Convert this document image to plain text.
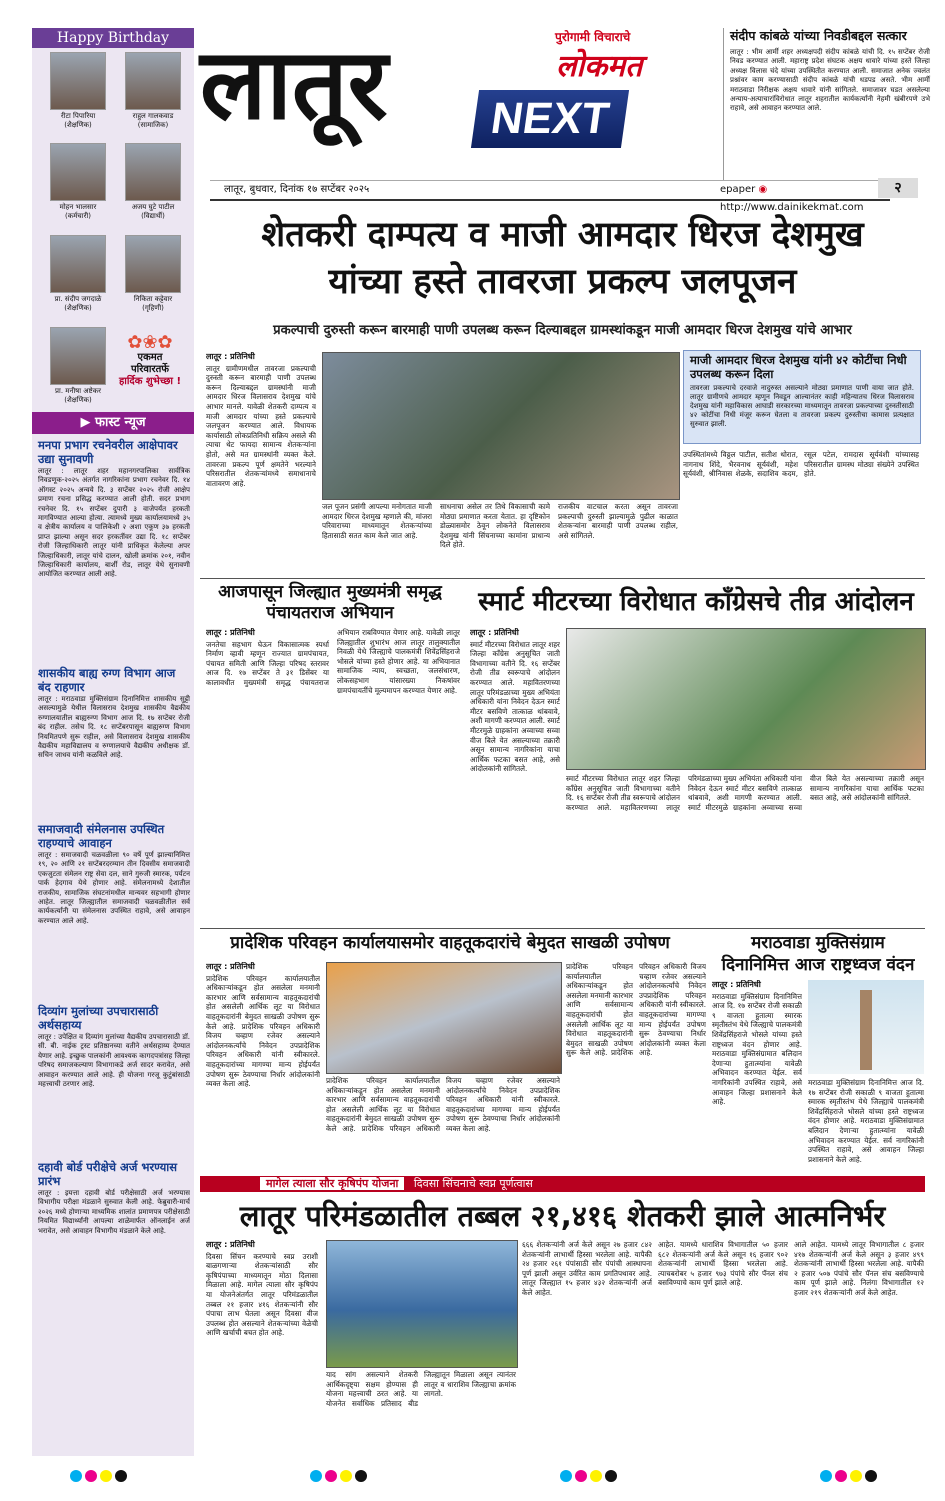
Happy Birthday
रीटा पिपारिया
(शैक्षणिक)
राहुल गालकवाड
(सामाजिक)
मोहन भालसार
(कर्मचारी)
अजय घुटे पाटील
(विद्यार्थी)
प्रा. संदीप जगदाळे
(शैक्षणिक)
निकिता कट्टेवार
(गृहिणी)
प्रा. मनीषा अष्टेकर
(शैक्षणिक)
✿❀✿
एकमत
परिवारतर्फे
हार्दिक शुभेच्छा !
▶ फास्ट न्यूज
मनपा प्रभाग रचनेवरील आक्षेपावर उद्या सुनावणी

लातूर : लातूर शहर महानगरपालिका सार्वत्रिक निवडणूक-२०२५ अंतर्गत नागरिकांना प्रभाग रचनेवर दि. १४ ऑगस्ट २०२५ अन्वये दि. ३ सप्टेंबर २०२५ रोजी आक्षेप प्रमाण रचना प्रसिद्ध करण्यात आली होती. सदर प्रभाग रचनेवर दि. १५ सप्टेंबर दुपारी ३ वाजेपर्यंत हरकती मागविण्यात आल्या होत्या. त्यामध्ये मुख्य कार्यालयामध्ये ३५ व क्षेत्रीय कार्यालय व पालिकेशी २ अशा एकूण ३७ हरकती प्राप्त झाल्या असून सदर हरकतींवर उद्या दि. १८ सप्टेंबर रोजी जिल्हाधिकारी लातूर यांनी प्राधिकृत केलेल्या अपर जिल्हाधिकारी, लातूर यांचे दालन, खोली क्रमांक २०१, नवीन जिल्हाधिकारी कार्यालय, बार्शी रोड, लातूर येथे सुनावणी आयोजित करण्यात आली आहे.

शासकीय बाह्य रुग्ण विभाग आज बंद राहणार

लातूर : मराठवाडा मुक्तिसंग्राम दिनानिमित्त शासकीय सुट्टी असल्यामुळे येथील विलासराव देशमुख शासकीय वैद्यकीय रुग्णालयातील बाह्यरुग्ण विभाग आज दि. १७ सप्टेंबर रोजी बंद राहील. तसेच दि. १८ सप्टेंबरपासून बाह्यरुग्ण विभाग नियमितपणे सुरू राहील, असे विलासराव देशमुख शासकीय वैद्यकीय महाविद्यालय व रुग्णालयाचे वैद्यकीय अधीक्षक डॉ. सचिन जाधव यांनी कळविले आहे.

समाजवादी संमेलनास उपस्थित राहण्याचे आवाहन

लातूर : समाजवादी चळवळीला ९० वर्षे पूर्ण झाल्यानिमित्त १९, २० आणि २१ सप्टेंबरदरम्यान तीन दिवसीय समाजवादी एकजुटता संमेलन राष्ट्र सेवा दल, साने गुरुजी स्मारक, पर्यटन पार्क हेदगाव येथे होणार आहे. संमेलनामध्ये देशातील राजकीय, सामाजिक संघटनांमधील मान्यवर सहभागी होणार आहेत. लातूर जिल्ह्यातील समाजवादी चळवळीतील सर्व कार्यकर्त्यांनी या संमेलनास उपस्थित राहावे, असे आवाहन करण्यात आले आहे.

दिव्यांग मुलांच्या उपचारासाठी अर्थसहाय्य

लातूर : उपेक्षित व दिव्यांग मुलांच्या वैद्यकीय उपचारासाठी डॉ. सी. बी. नाईक ट्रस्ट प्रतिष्ठानच्या वतीने अर्थसहाय्य देण्यात येणार आहे. इच्छुक पालकांनी आवश्यक कागदपत्रांसह जिल्हा परिषद समाजकल्याण विभागाकडे अर्ज सादर करावेत, असे आवाहन करण्यात आले आहे. ही योजना गरजू कुटुंबांसाठी महत्त्वाची ठरणार आहे.

दहावी बोर्ड परीक्षेचे अर्ज भरण्यास प्रारंभ

लातूर : इयत्ता दहावी बोर्ड परीक्षेसाठी अर्ज भरण्यास विभागीय परीक्षा मंडळाने सुरुवात केली आहे. फेब्रुवारी-मार्च २०२६ मध्ये होणाऱ्या माध्यमिक शालांत प्रमाणपत्र परीक्षेसाठी नियमित विद्यार्थ्यांनी आपल्या शाळेमार्फत ऑनलाईन अर्ज भरावेत, असे आवाहन विभागीय मंडळाने केले आहे.

लातूर	पुरोगामी विचाराचे
लोकमत
NEXT
संदीप कांबळे यांच्या निवडीबद्दल सत्कार

लातूर : भीम आर्मी शहर अध्यक्षपदी संदीप कांबळे यांची दि. १५ सप्टेंबर रोजी निवड करण्यात आली. महाराष्ट्र प्रदेश संघटक अक्षय धावारे यांच्या हस्ते जिल्हा अध्यक्ष विलास चंदे यांच्या उपस्थितीत करण्यात आली. समाजात अनेक ज्वलंत प्रश्नांवर काम करण्यासाठी संदीप कांबळे यांची धडपड असते. भीम आर्मी मराठवाडा निरीक्षक अक्षय धावारे यांनी सांगितले. समाजावर घडत असलेल्या अन्याय-अत्याचारांविरोधात लातूर शहरातील कार्यकर्त्यांनी नेहमी खंबीरपणे उभे राहावे, असे आवाहन करण्यात आले.

लातूर, बुधवार, दिनांक १७ सप्टेंबर २०२५	epaper ◉ http://www.dainikekmat.com
२
शेतकरी दाम्पत्य व माजी आमदार धिरज देशमुख
यांच्या हस्ते तावरजा प्रकल्प जलपूजन
प्रकल्पाची दुरुस्ती करून बारमाही पाणी उपलब्ध करून दिल्याबद्दल ग्रामस्थांकडून माजी आमदार धिरज देशमुख यांचे आभार
लातूर : प्रतिनिधी
लातूर ग्रामीणमधील तावरजा प्रकल्पाची दुरुस्ती करून बारमाही पाणी उपलब्ध करून दिल्याबद्दल ग्रामस्थांनी माजी आमदार धिरज विलासराव देशमुख यांचे आभार मानले. यावेळी शेतकरी दाम्पत्य व माजी आमदार यांच्या हस्ते प्रकल्पाचे जलपूजन करण्यात आले. विधायक कार्यासाठी लोकप्रतिनिधी सक्रिय असले की त्याचा थेट फायदा सामान्य शेतकऱ्यांना होतो, असे मत ग्रामस्थांनी व्यक्त केले. तावरजा प्रकल्प पूर्ण क्षमतेने भरल्याने परिसरातील शेतकऱ्यांमध्ये समाधानाचे वातावरण आहे.
जल पूजन प्रसंगी आपल्या मनोगतात माजी आमदार धिरज देशमुख म्हणाले की, मांजरा परिवाराच्या माध्यमातून शेतकऱ्यांच्या हितासाठी सतत काम केले जात आहे.
साधनाचा असेल तर तिथे विकासाची कामे मोठ्या प्रमाणात करता येतात. हा दृष्टिकोन डोळ्यासमोर ठेवून लोकनेते विलासराव देशमुख यांनी सिंचनाच्या कामांना प्राधान्य दिले होते.
राजकीय वाटचाल करता असून तावरजा प्रकल्पाची दुरुस्ती झाल्यामुळे पुढील काळात शेतकऱ्यांना बारमाही पाणी उपलब्ध राहील, असे सांगितले.
माजी आमदार धिरज देशमुख यांनी ४२ कोटींचा निधी उपलब्ध करून दिला

तावरजा प्रकल्पाचे दरवाजे नादुरुस्त असल्याने मोठ्या प्रमाणात पाणी वाया जात होते. लातूर ग्रामीणचे आमदार म्हणून निवडून आल्यानंतर काही महिन्यातच धिरज विलासराव देशमुख यांनी महाविकास आघाडी सरकारच्या माध्यमातून तावरजा प्रकल्पाच्या दुरुस्तीसाठी ४२ कोटींचा निधी मंजूर करून घेतला व तावरजा प्रकल्प दुरुस्तीचा कामास प्रत्यक्षात सुरुवात झाली.

उपस्थितांमध्ये विठ्ठल पाटील, सतीश थोरात, नागनाथ शिंदे, भैरवनाथ सूर्यवंशी, महेश सूर्यवंशी, श्रीनिवास शेळके, सदाशिव कदम, रसूल पटेल, रामदास सूर्यवंशी यांच्यासह परिसरातील ग्रामस्थ मोठ्या संख्येने उपस्थित होते.
आजपासून जिल्ह्यात मुख्यमंत्री समृद्ध पंचायतराज अभियान
लातूर : प्रतिनिधी
जनतेचा सहभाग घेऊन विकासात्मक स्पर्धा निर्माण व्हावी म्हणून राज्यात ग्रामपंचायत, पंचायत समिती आणि जिल्हा परिषद स्तरावर आज दि. १७ सप्टेंबर ते ३१ डिसेंबर या कालावधीत मुख्यमंत्री समृद्ध पंचायतराज अभियान राबविण्यात येणार आहे. यावेळी लातूर जिल्ह्यातील शुभारंभ आज लातूर तालुक्यातील निवळी येथे जिल्ह्याचे पालकमंत्री शिवेंद्रसिंहराजे भोसले यांच्या हस्ते होणार आहे. या अभियानात सामाजिक न्याय, स्वच्छता, जलसंधारण, लोकसहभाग यांसारख्या निकषांवर ग्रामपंचायतींचे मूल्यमापन करण्यात येणार आहे.
स्मार्ट मीटरच्या विरोधात काँग्रेसचे तीव्र आंदोलन
लातूर : प्रतिनिधी
स्मार्ट मीटरच्या विरोधात लातूर शहर जिल्हा काँग्रेस अनुसूचित जाती विभागाच्या वतीने दि. १६ सप्टेंबर रोजी तीव्र स्वरूपाचे आंदोलन करण्यात आले. महावितरणच्या लातूर परिमंडळाच्या मुख्य अभियंता अधिकारी यांना निवेदन देऊन स्मार्ट मीटर बसविणे तात्काळ थांबवावे, अशी मागणी करण्यात आली. स्मार्ट मीटरमुळे ग्राहकांना अव्वाच्या सव्वा वीज बिले येत असल्याच्या तक्रारी असून सामान्य नागरिकांना याचा आर्थिक फटका बसत आहे, असे आंदोलकांनी सांगितले.
स्मार्ट मीटरच्या विरोधात लातूर शहर जिल्हा काँग्रेस अनुसूचित जाती विभागाच्या वतीने दि. १६ सप्टेंबर रोजी तीव्र स्वरूपाचे आंदोलन करण्यात आले. महावितरणच्या लातूर परिमंडळाच्या मुख्य अभियंता अधिकारी यांना निवेदन देऊन स्मार्ट मीटर बसविणे तात्काळ थांबवावे, अशी मागणी करण्यात आली. स्मार्ट मीटरमुळे ग्राहकांना अव्वाच्या सव्वा वीज बिले येत असल्याच्या तक्रारी असून सामान्य नागरिकांना याचा आर्थिक फटका बसत आहे, असे आंदोलकांनी सांगितले.
प्रादेशिक परिवहन कार्यालयासमोर वाहतूकदारांचे बेमुदत साखळी उपोषण
लातूर : प्रतिनिधी
प्रादेशिक परिवहन कार्यालयातील अधिकाऱ्यांकडून होत असलेला मनमानी कारभार आणि सर्वसामान्य वाहतूकदारांची होत असलेली आर्थिक लूट या विरोधात वाहतूकदारांनी बेमुदत साखळी उपोषण सुरू केले आहे. प्रादेशिक परिवहन अधिकारी विजय चव्हाण रजेवर असल्याने आंदोलनकर्त्यांचे निवेदन उपप्रादेशिक परिवहन अधिकारी यांनी स्वीकारले. वाहतूकदारांच्या मागण्या मान्य होईपर्यंत उपोषण सुरू ठेवण्याचा निर्धार आंदोलकांनी व्यक्त केला आहे.	प्रादेशिक परिवहन कार्यालयातील अधिकाऱ्यांकडून होत असलेला मनमानी कारभार आणि सर्वसामान्य वाहतूकदारांची होत असलेली आर्थिक लूट या विरोधात वाहतूकदारांनी बेमुदत साखळी उपोषण सुरू केले आहे. प्रादेशिक परिवहन अधिकारी विजय चव्हाण रजेवर असल्याने आंदोलनकर्त्यांचे निवेदन उपप्रादेशिक परिवहन अधिकारी यांनी स्वीकारले. वाहतूकदारांच्या मागण्या मान्य होईपर्यंत उपोषण सुरू ठेवण्याचा निर्धार आंदोलकांनी व्यक्त केला आहे.
प्रादेशिक परिवहन कार्यालयातील अधिकाऱ्यांकडून होत असलेला मनमानी कारभार आणि सर्वसामान्य वाहतूकदारांची होत असलेली आर्थिक लूट या विरोधात वाहतूकदारांनी बेमुदत साखळी उपोषण सुरू केले आहे. प्रादेशिक परिवहन अधिकारी विजय चव्हाण रजेवर असल्याने आंदोलनकर्त्यांचे निवेदन उपप्रादेशिक परिवहन अधिकारी यांनी स्वीकारले. वाहतूकदारांच्या मागण्या मान्य होईपर्यंत उपोषण सुरू ठेवण्याचा निर्धार आंदोलकांनी व्यक्त केला आहे.
मराठवाडा मुक्तिसंग्राम
दिनानिमित्त आज राष्ट्रध्वज वंदन
लातूर : प्रतिनिधी
मराठवाडा मुक्तिसंग्राम दिनानिमित्त आज दि. १७ सप्टेंबर रोजी सकाळी ९ वाजता हुतात्मा स्मारक स्मृतीस्तंभ येथे जिल्ह्याचे पालकमंत्री शिवेंद्रसिंहराजे भोसले यांच्या हस्ते राष्ट्रध्वज वंदन होणार आहे. मराठवाडा मुक्तिसंग्रामात बलिदान देणाऱ्या हुतात्म्यांना यावेळी अभिवादन करण्यात येईल. सर्व नागरिकांनी उपस्थित राहावे, असे आवाहन जिल्हा प्रशासनाने केले आहे.
मराठवाडा मुक्तिसंग्राम दिनानिमित्त आज दि. १७ सप्टेंबर रोजी सकाळी ९ वाजता हुतात्मा स्मारक स्मृतीस्तंभ येथे जिल्ह्याचे पालकमंत्री शिवेंद्रसिंहराजे भोसले यांच्या हस्ते राष्ट्रध्वज वंदन होणार आहे. मराठवाडा मुक्तिसंग्रामात बलिदान देणाऱ्या हुतात्म्यांना यावेळी अभिवादन करण्यात येईल. सर्व नागरिकांनी उपस्थित राहावे, असे आवाहन जिल्हा प्रशासनाने केले आहे.
मागेल त्याला सौर कृषिपंप योजना दिवसा सिंचनाचे स्वप्न पूर्णत्वास
लातूर परिमंडळातील तब्बल २१,४१६ शेतकरी झाले आत्मनिर्भर
लातूर : प्रतिनिधी
दिवसा सिंचन करण्याचे स्वप्न उराशी बाळगणाऱ्या शेतकऱ्यांसाठी सौर कृषिपंपाच्या माध्यमातून मोठा दिलासा मिळाला आहे. मागेल त्याला सौर कृषिपंप या योजनेअंतर्गत लातूर परिमंडळातील तब्बल २१ हजार ४१६ शेतकऱ्यांनी सौर पंपाचा लाभ घेतला असून दिवसा वीज उपलब्ध होत असल्याने शेतकऱ्यांच्या वेळेची आणि खर्चाची बचत होत आहे.
याद सांग असल्याने शेतकरी आर्थिकदृष्ट्या सक्षम होण्यास ही योजना महत्त्वाची ठरत आहे. या योजनेत सर्वाधिक प्रतिसाद बीड जिल्ह्यातून मिळाला असून त्यानंतर लातूर व धाराशिव जिल्ह्याचा क्रमांक लागतो.
६६६ शेतकऱ्यांनी अर्ज केले असून २७ हजार ८४२ शेतकऱ्यांनी लाभार्थी हिस्सा भरलेला आहे. यापैकी २४ हजार २६१ पंपांसाठी सौर पंपांची आस्थापना पूर्ण झाली असून उर्वरित काम प्रगतिपथावर आहे. लातूर जिल्ह्यात १५ हजार ४३२ शेतकऱ्यांनी अर्ज केले आहेत.
आहेत. यामध्ये धाराशिव विभागातील ५० हजार ६८२ शेतकऱ्यांनी अर्ज केले असून १६ हजार ९०२ शेतकऱ्यांनी लाभार्थी हिस्सा भरलेला आहे. त्याचबरोबर ५ हजार ९७३ पंपांचे सौर पॅनल संच बसविण्याचे काम पूर्ण झाले आहे.
आले आहेत. यामध्ये लातूर विभागातील ८ हजार ४१७ शेतकऱ्यांनी अर्ज केले असून ३ हजार ४९९ शेतकऱ्यांनी लाभार्थी हिस्सा भरलेला आहे. यापैकी २ हजार ५०७ पंपांचे सौर पॅनल संच बसविण्याचे काम पूर्ण झाले आहे. निलंगा विभागातील १२ हजार २१९ शेतकऱ्यांनी अर्ज केले आहेत.
